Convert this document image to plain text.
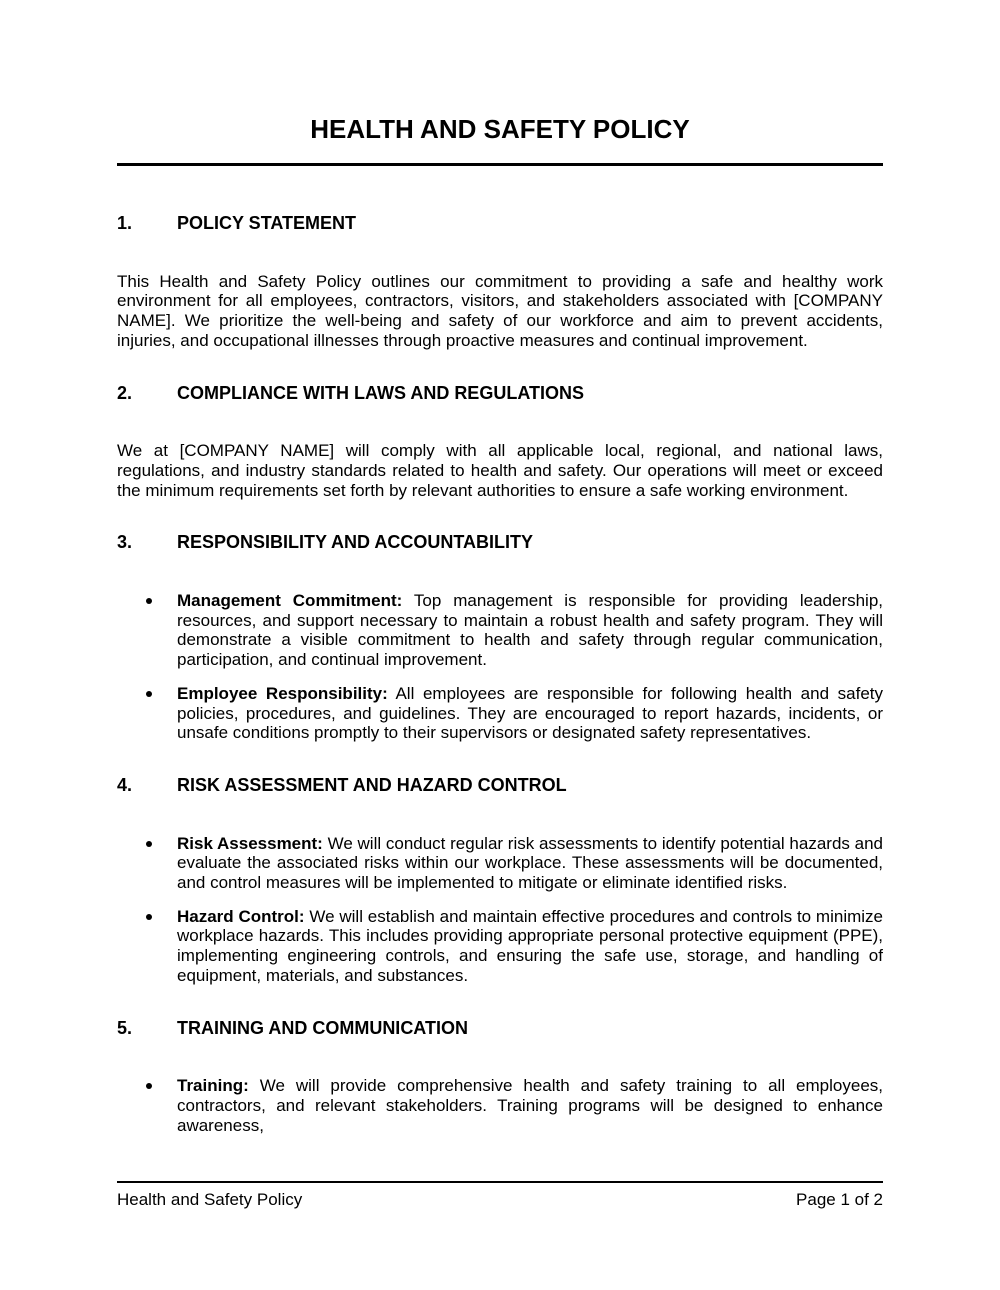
HEALTH AND SAFETY POLICY
1.	POLICY STATEMENT

This Health and Safety Policy outlines our commitment to providing a safe and healthy work environment for all employees, contractors, visitors, and stakeholders associated with [COMPANY NAME]. We prioritize the well-being and safety of our workforce and aim to prevent accidents, injuries, and occupational illnesses through proactive measures and continual improvement.

2.	COMPLIANCE WITH LAWS AND REGULATIONS

We at [COMPANY NAME] will comply with all applicable local, regional, and national laws, regulations, and industry standards related to health and safety. Our operations will meet or exceed the minimum requirements set forth by relevant authorities to ensure a safe working environment.

3.	RESPONSIBILITY AND ACCOUNTABILITY
Management Commitment: Top management is responsible for providing leadership, resources, and support necessary to maintain a robust health and safety program. They will demonstrate a visible commitment to health and safety through regular communication, participation, and continual improvement.
Employee Responsibility: All employees are responsible for following health and safety policies, procedures, and guidelines. They are encouraged to report hazards, incidents, or unsafe conditions promptly to their supervisors or designated safety representatives.
4.	RISK ASSESSMENT AND HAZARD CONTROL
Risk Assessment: We will conduct regular risk assessments to identify potential hazards and evaluate the associated risks within our workplace. These assessments will be documented, and control measures will be implemented to mitigate or eliminate identified risks.
Hazard Control: We will establish and maintain effective procedures and controls to minimize workplace hazards. This includes providing appropriate personal protective equipment (PPE), implementing engineering controls, and ensuring the safe use, storage, and handling of equipment, materials, and substances.
5.	TRAINING AND COMMUNICATION
Training: We will provide comprehensive health and safety training to all employees, contractors, and relevant stakeholders. Training programs will be designed to enhance awareness,
Health and Safety Policy	Page 1 of 2
